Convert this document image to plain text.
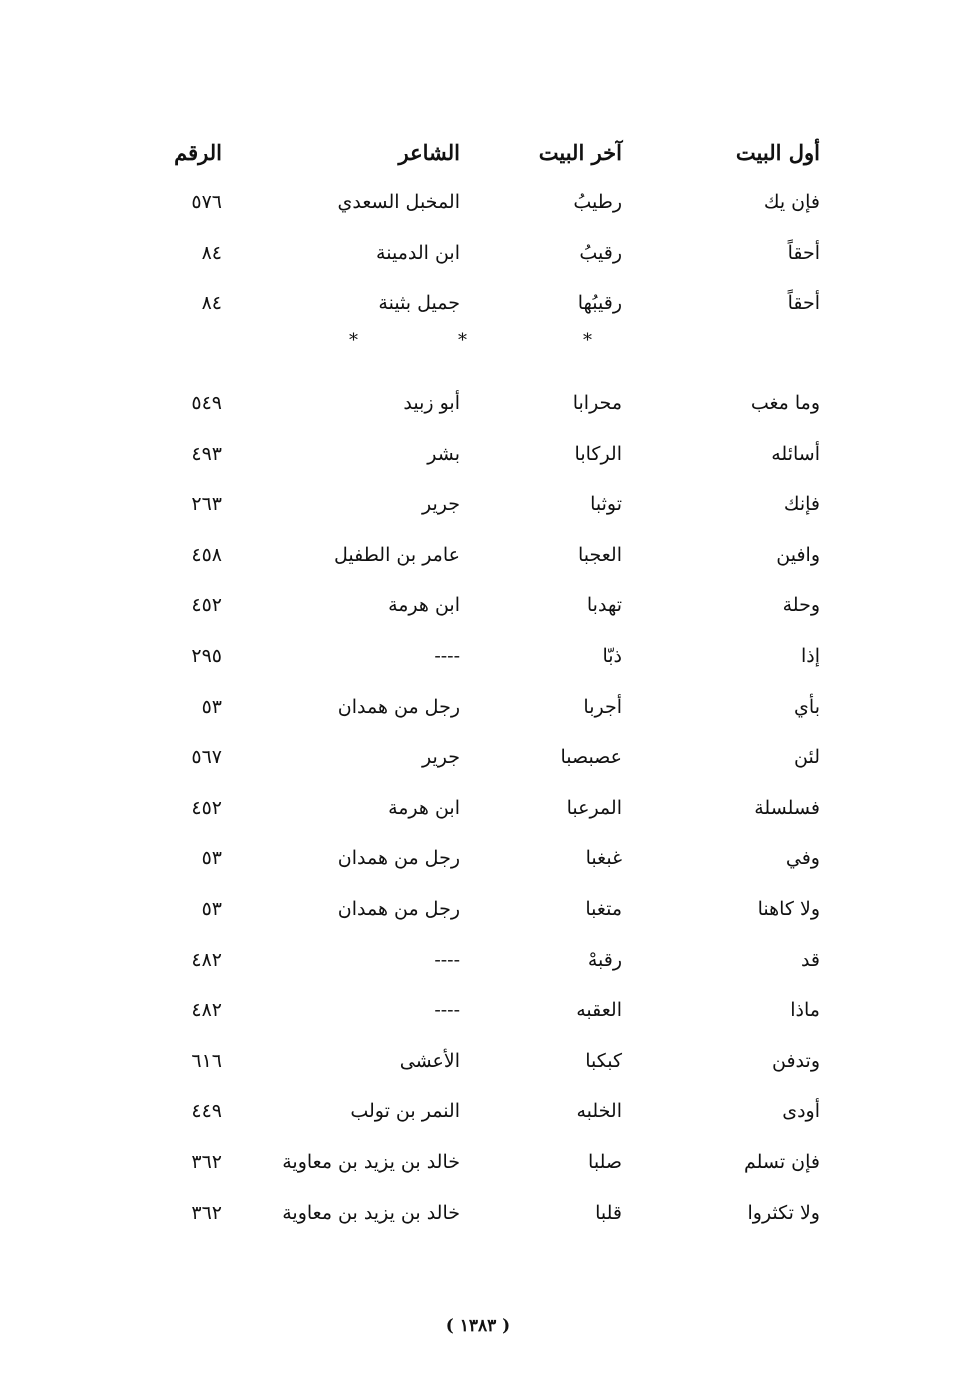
أول البيت
آخر البيت
الشاعر
الرقم
فإن يك
رطيبُ
المخبل السعدي
٥٧٦
أحقاً
رقيبُ
ابن الدمينة
٨٤
أحقاً
رقيبُها
جميل بثينة
٨٤
*
*
*
وما مغب
محرابا
أبو زبيد
٥٤٩
أسائله
الركابا
بشر
٤٩٣
فإنك
توثبا
جرير
٢٦٣
وافين
العجبا
عامر بن الطفيل
٤٥٨
وحلة
تهدبا
ابن هرمة
٤٥٢
إذا
ذبّا
----
٢٩٥
بأي
أجربا
رجل من همدان
٥٣
لئن
عصبصبا
جرير
٥٦٧
فسلسلة
المرعبا
ابن هرمة
٤٥٢
وفي
غبغبا
رجل من همدان
٥٣
ولا كاهنا
متغبا
رجل من همدان
٥٣
قد
رقبهْ
----
٤٨٢
ماذا
العقبه
----
٤٨٢
وتدفن
كبكبا
الأعشى
٦١٦
أودى
الخلبه
النمر بن تولب
٤٤٩
فإن تسلم
صلبا
خالد بن يزيد بن معاوية
٣٦٢
ولا تكثروا
قلبا
خالد بن يزيد بن معاوية
٣٦٢
( ١٣٨٣ )
